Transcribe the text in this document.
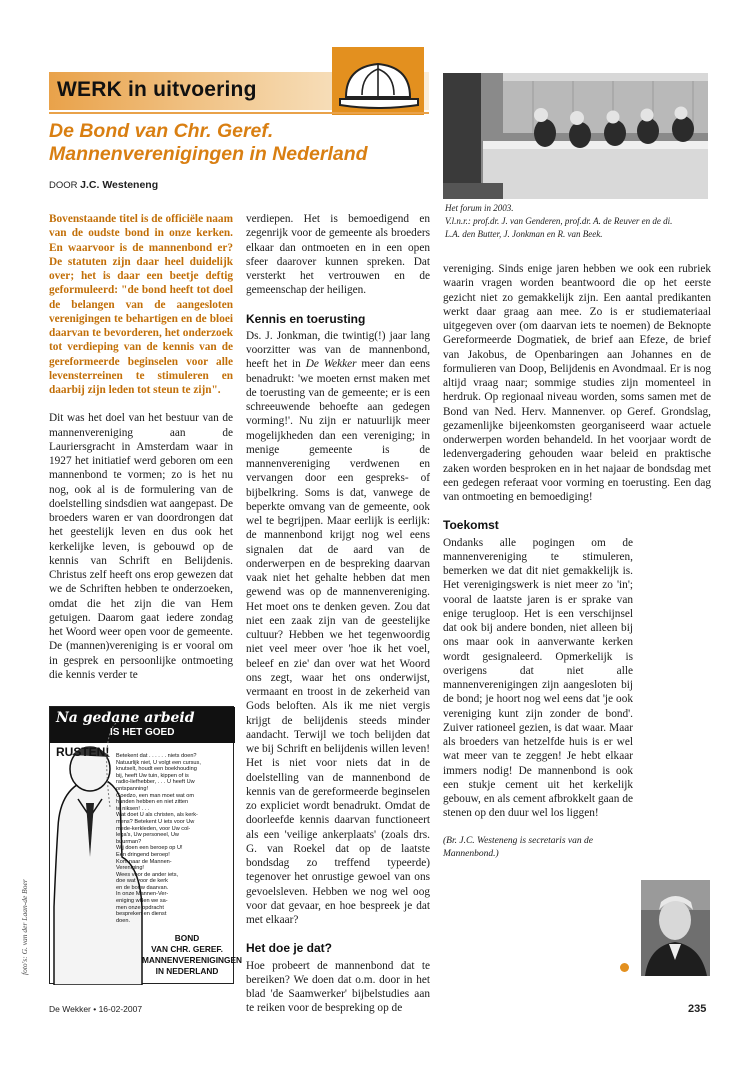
WERK in uitvoering
De Bond van Chr. Geref.
Mannenverenigingen in Nederland
DOOR J.C. Westeneng
Het forum in 2003.
V.l.n.r.: prof.dr. J. van Genderen, prof.dr. A. de Reuver en de di.
L.A. den Butter, J. Jonkman en R. van Beek.

Bovenstaande titel is de officiële naam van de oudste bond in onze kerken. En waarvoor is de mannenbond er? De statuten zijn daar heel duidelijk over; het is daar een beetje deftig geformuleerd: "de bond heeft tot doel de belangen van de aangesloten verenigingen te behartigen en de bloei daarvan te bevorderen, het onderzoek tot verdieping van de kennis van de gereformeerde beginselen voor alle levensterreinen te stimuleren en daarbij zijn leden tot steun te zijn".

Dit was het doel van het bestuur van de mannenvereniging aan de Lauriersgracht in Amsterdam waar in 1927 het initiatief werd geboren om een mannenbond te vormen; zo is het nu nog, ook al is de formulering van de doelstelling sindsdien wat aangepast. De broeders waren er van doordrongen dat het geestelijk leven en dus ook het kerkelijke leven, is gebouwd op de kennis van Schrift en Belijdenis. Christus zelf heeft ons erop gewezen dat we de Schriften hebben te onderzoeken, omdat die het zijn die van Hem getuigen. Daarom gaat iedere zondag het Woord weer open voor de gemeente. De (mannen)vereniging is er vooral om in gesprek en persoonlijke ontmoeting die kennis verder te

Na gedane arbeid
IS HET GOED
RUSTEN! Betekent dat . . . . . . niets doen?
Natuurlijk niet, U volgt een cursus,
knutselt, houdt een boekhouding
bij, heeft Uw tuin, kippen of is
radio-liefhebber, . . . U heeft Uw
ontspanning!
Goedzo, een man moet wat om
handen hebben en niet zitten
te niksen! . . .
Wat doet U als christen, als kerk-
mens? Betekent U iets voor Uw
mede-kerkleden, voor Uw col-
lega's, Uw personeel, Uw
buurman?
Wij doen een beroep op U!
Een dringend beroep!
Kom naar de Mannen-
Vereniging!
Wees voor de ander iets,
doe wat voor de kerk
en de bouw daarvan.
In onze Mannen-Ver-
eniging willen we sa-
men onze opdracht
bespreken en dienst
doen.
BOND
VAN CHR. GEREF.
MANNENVERENIGINGEN
IN NEDERLAND
foto's: G. van der Laan-de Boer

verdiepen. Het is bemoedigend en zegenrijk voor de gemeente als broeders elkaar dan ontmoeten en in een open sfeer daarover kunnen spreken. Dat versterkt het vertrouwen en de gemeenschap der heiligen.

Kennis en toerusting

Ds. J. Jonkman, die twintig(!) jaar lang voorzitter was van de mannenbond, heeft het in De Wekker meer dan eens benadrukt: 'we moeten ernst maken met de toerusting van de gemeente; er is een schreeuwende behoefte aan gedegen vorming!'. Nu zijn er natuurlijk meer mogelijkheden dan een vereniging; in menige gemeente is de mannenvereniging verdwenen en vervangen door een gespreks- of bijbelkring. Soms is dat, vanwege de beperkte omvang van de gemeente, ook wel te begrijpen. Maar eerlijk is eerlijk: de mannenbond krijgt nog wel eens signalen dat de aard van de onderwerpen en de bespreking daarvan vaak niet het gehalte hebben dat men gewend was op de mannenvereniging. Het moet ons te denken geven. Zou dat niet een zaak zijn van de geestelijke cultuur? Hebben we het tegenwoordig niet veel meer over 'hoe ik het voel, beleef en zie' dan over wat het Woord ons zegt, waar het ons onderwijst, vermaant en troost in de zekerheid van Gods beloften. Als ik me niet vergis krijgt de belijdenis steeds minder aandacht. Terwijl we toch belijden dat we bij Schrift en belijdenis willen leven! Het is niet voor niets dat in de doelstelling van de mannenbond de kennis van de gereformeerde beginselen zo expliciet wordt benadrukt. Omdat de doorleefde kennis daarvan functioneert als een 'veilige ankerplaats' (zoals drs. G. van Roekel dat op de laatste bondsdag zo treffend typeerde) tegenover het onrustige gewoel van ons gevoelsleven. Hebben we nog wel oog voor dat gevaar, en hoe bespreek je dat met elkaar?

Het doe je dat?

Hoe probeert de mannenbond dat te bereiken? We doen dat o.m. door in het blad 'de Saamwerker' bijbelstudies aan te reiken voor de bespreking op de

vereniging. Sinds enige jaren hebben we ook een rubriek waarin vragen worden beantwoord die op het eerste gezicht niet zo gemakkelijk zijn. Een aantal predikanten werkt daar graag aan mee. Zo is er studiemateriaal uitgegeven over (om daarvan iets te noemen) de Beknopte Gereformeerde Dogmatiek, de brief aan Efeze, de brief van Jakobus, de Openbaringen aan Johannes en de formulieren van Doop, Belijdenis en Avondmaal. Er is nog altijd vraag naar; sommige studies zijn momenteel in herdruk. Op regionaal niveau worden, soms samen met de Bond van Ned. Herv. Mannenver. op Geref. Grondslag, gezamenlijke bijeenkomsten georganiseerd waar actuele onderwerpen worden behandeld. In het voorjaar wordt de ledenvergadering gehouden waar beleid en praktische zaken worden besproken en in het najaar de bondsdag met een gedegen referaat voor vorming en toerusting. Een dag van ontmoeting en bemoediging!

Toekomst

Ondanks alle pogingen om de mannenvereniging te stimuleren, bemerken we dat dit niet gemakkelijk is. Het verenigingswerk is niet meer zo 'in'; vooral de laatste jaren is er sprake van enige terugloop. Het is een verschijnsel dat ook bij andere bonden, niet alleen bij ons maar ook in aanverwante kerken wordt gesignaleerd. Opmerkelijk is overigens dat niet alle mannenverenigingen zijn aangesloten bij de bond; je hoort nog wel eens dat 'je ook vereniging kunt zijn zonder de bond'. Zuiver rationeel gezien, is dat waar. Maar als broeders van hetzelfde huis is er wel wat meer van te zeggen! Je hebt elkaar immers nodig! De mannenbond is ook een stukje cement uit het kerkelijk gebouw, en als cement afbrokkelt gaan de stenen op den duur wel los liggen!

(Br. J.C. Westeneng is secretaris van de Mannenbond.)

De Wekker • 16-02-2007	235
